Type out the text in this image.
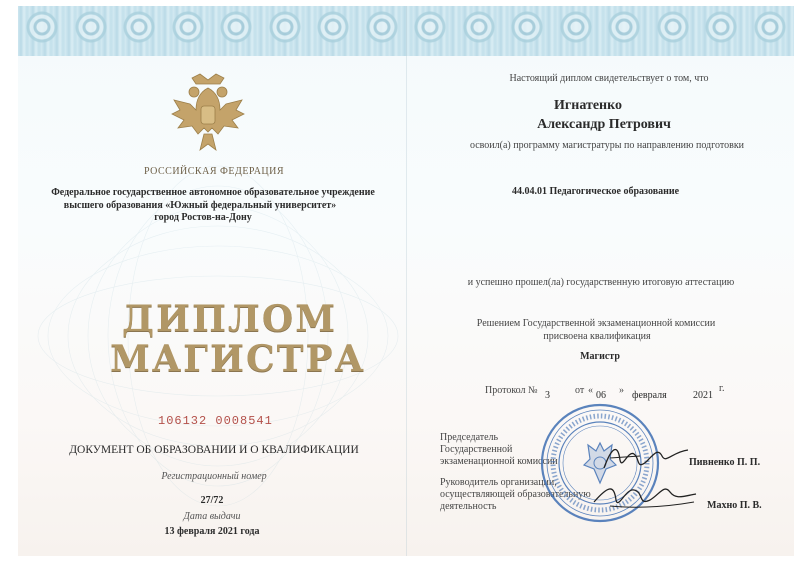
РОССИЙСКАЯ ФЕДЕРАЦИЯ
Федеральное государственное автономное образовательное учреждение
высшего образования «Южный федеральный университет»
город Ростов-на-Дону
ДИПЛОМ
МАГИСТРА
106132 0008541
ДОКУМЕНТ ОБ ОБРАЗОВАНИИ И О КВАЛИФИКАЦИИ
Регистрационный номер
27/72
Дата выдачи
13 февраля 2021 года
Настоящий диплом свидетельствует о том, что
Игнатенко
Александр Петрович
освоил(а) программу магистратуры по направлению подготовки
44.04.01 Педагогическое образование
и успешно прошел(ла) государственную итоговую аттестацию
Решением Государственной экзаменационной комиссии
присвоена квалификация
Магистр
Протокол № 3	от « 06 » февраля	2021
г.
Председатель
Государственной
экзаменационной комиссии	Пивненко П. П.
Руководитель организации,
осуществляющей образовательную
деятельность	Махно П. В.
